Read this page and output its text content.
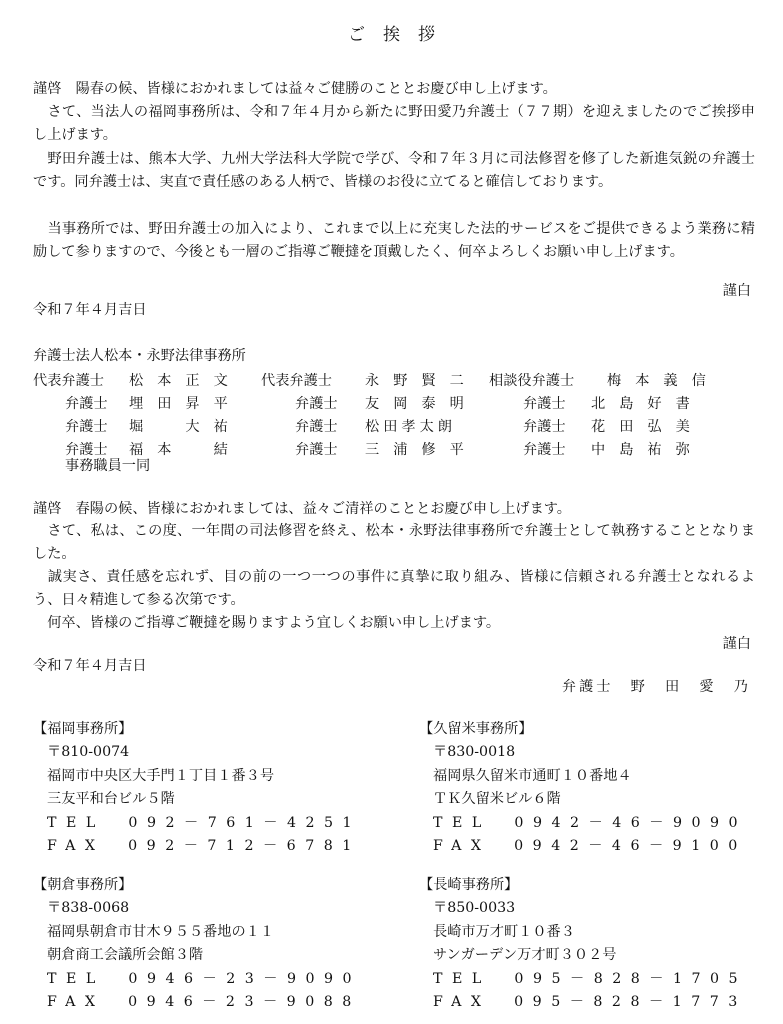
ご挨拶
謹啓　陽春の候、皆様におかれましては益々ご健勝のこととお慶び申し上げます。
　さて、当法人の福岡事務所は、令和７年４月から新たに野田愛乃弁護士（７７期）を迎えましたのでご挨拶申し上げます。
　野田弁護士は、熊本大学、九州大学法科大学院で学び、令和７年３月に司法修習を修了した新進気鋭の弁護士です。同弁護士は、実直で責任感のある人柄で、皆様のお役に立てると確信しております。
　当事務所では、野田弁護士の加入により、これまで以上に充実した法的サービスをご提供できるよう業務に精励して参りますので、今後とも一層のご指導ご鞭撻を頂戴したく、何卒よろしくお願い申し上げます。
謹白
令和７年４月吉日
弁護士法人松本・永野法律事務所
代表弁護士 松本正文 代表弁護士 永野賢二 相談役弁護士 梅本義信
弁護士 埋田昇平	弁護士 友岡泰明	弁護士 北島好書
弁護士 堀　大祐	弁護士 松田孝太朗	弁護士 花田弘美
弁護士 福本　結	弁護士 三浦修平	弁護士 中島祐弥
事務職員一同
謹啓　春陽の候、皆様におかれましては、益々ご清祥のこととお慶び申し上げます。
　さて、私は、この度、一年間の司法修習を終え、松本・永野法律事務所で弁護士として執務することとなりました。
　誠実さ、責任感を忘れず、目の前の一つ一つの事件に真摯に取り組み、皆様に信頼される弁護士となれるよう、日々精進して参る次第です。
　何卒、皆様のご指導ご鞭撻を賜りますよう宜しくお願い申し上げます。
謹白
令和７年４月吉日
弁護士　野　田　愛　乃
【福岡事務所】
〒810-0074
福岡市中央区大手門１丁目１番３号
三友平和台ビル５階
TEL　092－761－4251
FAX　092－712－6781
【久留米事務所】
〒830-0018
福岡県久留米市通町１０番地４
ＴＫ久留米ビル６階
TEL　0942－46－9090
FAX　0942－46－9100
【朝倉事務所】
〒838-0068
福岡県朝倉市甘木９５５番地の１１
朝倉商工会議所会館３階
TEL　0946－23－9090
FAX　0946－23－9088
【長崎事務所】
〒850-0033
長崎市万才町１０番３
サンガーデン万才町３０２号
TEL　095－828－1705
FAX　095－828－1773
